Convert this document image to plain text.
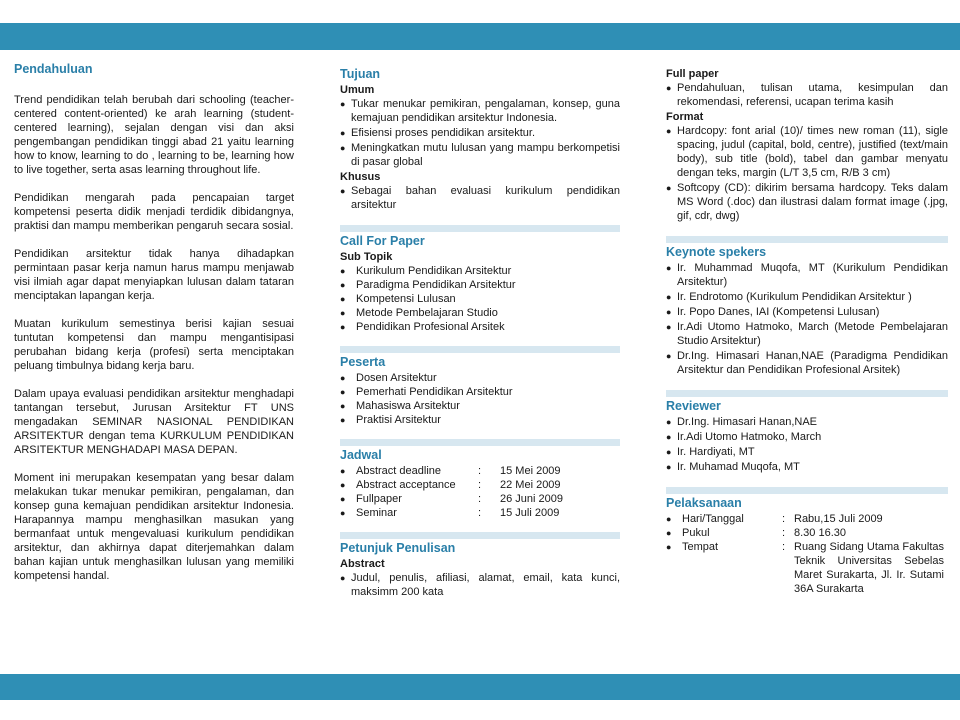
Pendahuluan

Trend pendidikan telah berubah dari schooling (teacher-centered content-oriented) ke arah learning (student-centered learning), sejalan dengan visi dan aksi pengembangan pendidikan tinggi abad 21 yaitu learning how to know, learning to do , learning to be, learning how to live together, serta asas learning throughout life.

Pendidikan mengarah pada pencapaian target kompetensi peserta didik menjadi terdidik dibidangnya, praktisi dan mampu memberikan pengaruh secara sosial.

Pendidikan arsitektur tidak hanya dihadapkan permintaan pasar kerja namun harus mampu menjawab visi ilmiah agar dapat menyiapkan lulusan dalam tataran menciptakan lapangan kerja.

Muatan kurikulum semestinya berisi kajian sesuai tuntutan kompetensi dan mampu mengantisipasi perubahan bidang kerja (profesi) serta menciptakan peluang timbulnya bidang kerja baru.

Dalam upaya evaluasi pendidikan arsitektur menghadapi tantangan tersebut, Jurusan Arsitektur FT UNS mengadakan SEMINAR NASIONAL PENDIDIKAN ARSITEKTUR dengan tema KURKULUM PENDIDIKAN ARSITEKTUR MENGHADAPI MASA DEPAN.

Moment ini merupakan kesempatan yang besar dalam melakukan tukar menukar pemikiran, pengalaman, dan konsep guna kemajuan pendidikan arsitektur Indonesia. Harapannya mampu menghasilkan masukan yang bermanfaat untuk mengevaluasi kurikulum pendidikan arsitektur, dan akhirnya dapat diterjemahkan dalam bahan kajian untuk menghasilkan lulusan yang memiliki kompetensi handal.

Tujuan
Umum
● Tukar menukar pemikiran, pengalaman, konsep, guna kemajuan pendidikan arsitektur Indonesia.
● Efisiensi proses pendidikan arsitektur.
● Meningkatkan mutu lulusan yang mampu berkompetisi di pasar global
Khusus
● Sebagai bahan evaluasi kurikulum pendidikan arsitektur
Call For Paper
Sub Topik
●	Kurikulum Pendidikan Arsitektur
●	Paradigma Pendidikan Arsitektur
●	Kompetensi Lulusan
●	Metode Pembelajaran Studio
●	Pendidikan Profesional Arsitek
Peserta
●	Dosen Arsitektur
●	Pemerhati Pendidikan Arsitektur
●	Mahasiswa Arsitektur
●	Praktisi Arsitektur
Jadwal
●	Abstract deadline	:	15 Mei 2009
●	Abstract acceptance	:	22 Mei 2009
●	Fullpaper	:	26 Juni 2009
●	Seminar	:	15 Juli 2009
Petunjuk Penulisan
Abstract
● Judul, penulis, afiliasi, alamat, email, kata kunci, maksimm 200 kata
Full paper
● Pendahuluan, tulisan utama, kesimpulan dan rekomendasi, referensi, ucapan terima kasih
Format
● Hardcopy: font arial (10)/ times new roman (11), sigle spacing, judul (capital, bold, centre), justified (text/main body), sub title (bold), tabel dan gambar menyatu dengan teks, margin (L/T 3,5 cm, R/B 3 cm)
● Softcopy (CD): dikirim bersama hardcopy. Teks dalam MS Word (.doc) dan ilustrasi dalam format image (.jpg, gif, cdr, dwg)
Keynote spekers
● Ir. Muhammad Muqofa, MT (Kurikulum Pendidikan Arsitektur)
● Ir. Endrotomo (Kurikulum Pendidikan Arsitektur )
● Ir. Popo Danes, IAI (Kompetensi Lulusan)
● Ir.Adi Utomo Hatmoko, March (Metode Pembelajaran Studio Arsitektur)
● Dr.Ing. Himasari Hanan,NAE (Paradigma Pendidikan Arsitektur dan Pendidikan Profesional Arsitek)
Reviewer
● Dr.Ing. Himasari Hanan,NAE
● Ir.Adi Utomo Hatmoko, March
● Ir. Hardiyati, MT
● Ir. Muhamad Muqofa, MT
Pelaksanaan
●	Hari/Tanggal	:	Rabu,15 Juli 2009
●	Pukul	:	8.30 16.30
●	Tempat	:	Ruang Sidang Utama Fakultas Teknik Universitas Sebelas Maret Surakarta, Jl. Ir. Sutami 36A Surakarta
